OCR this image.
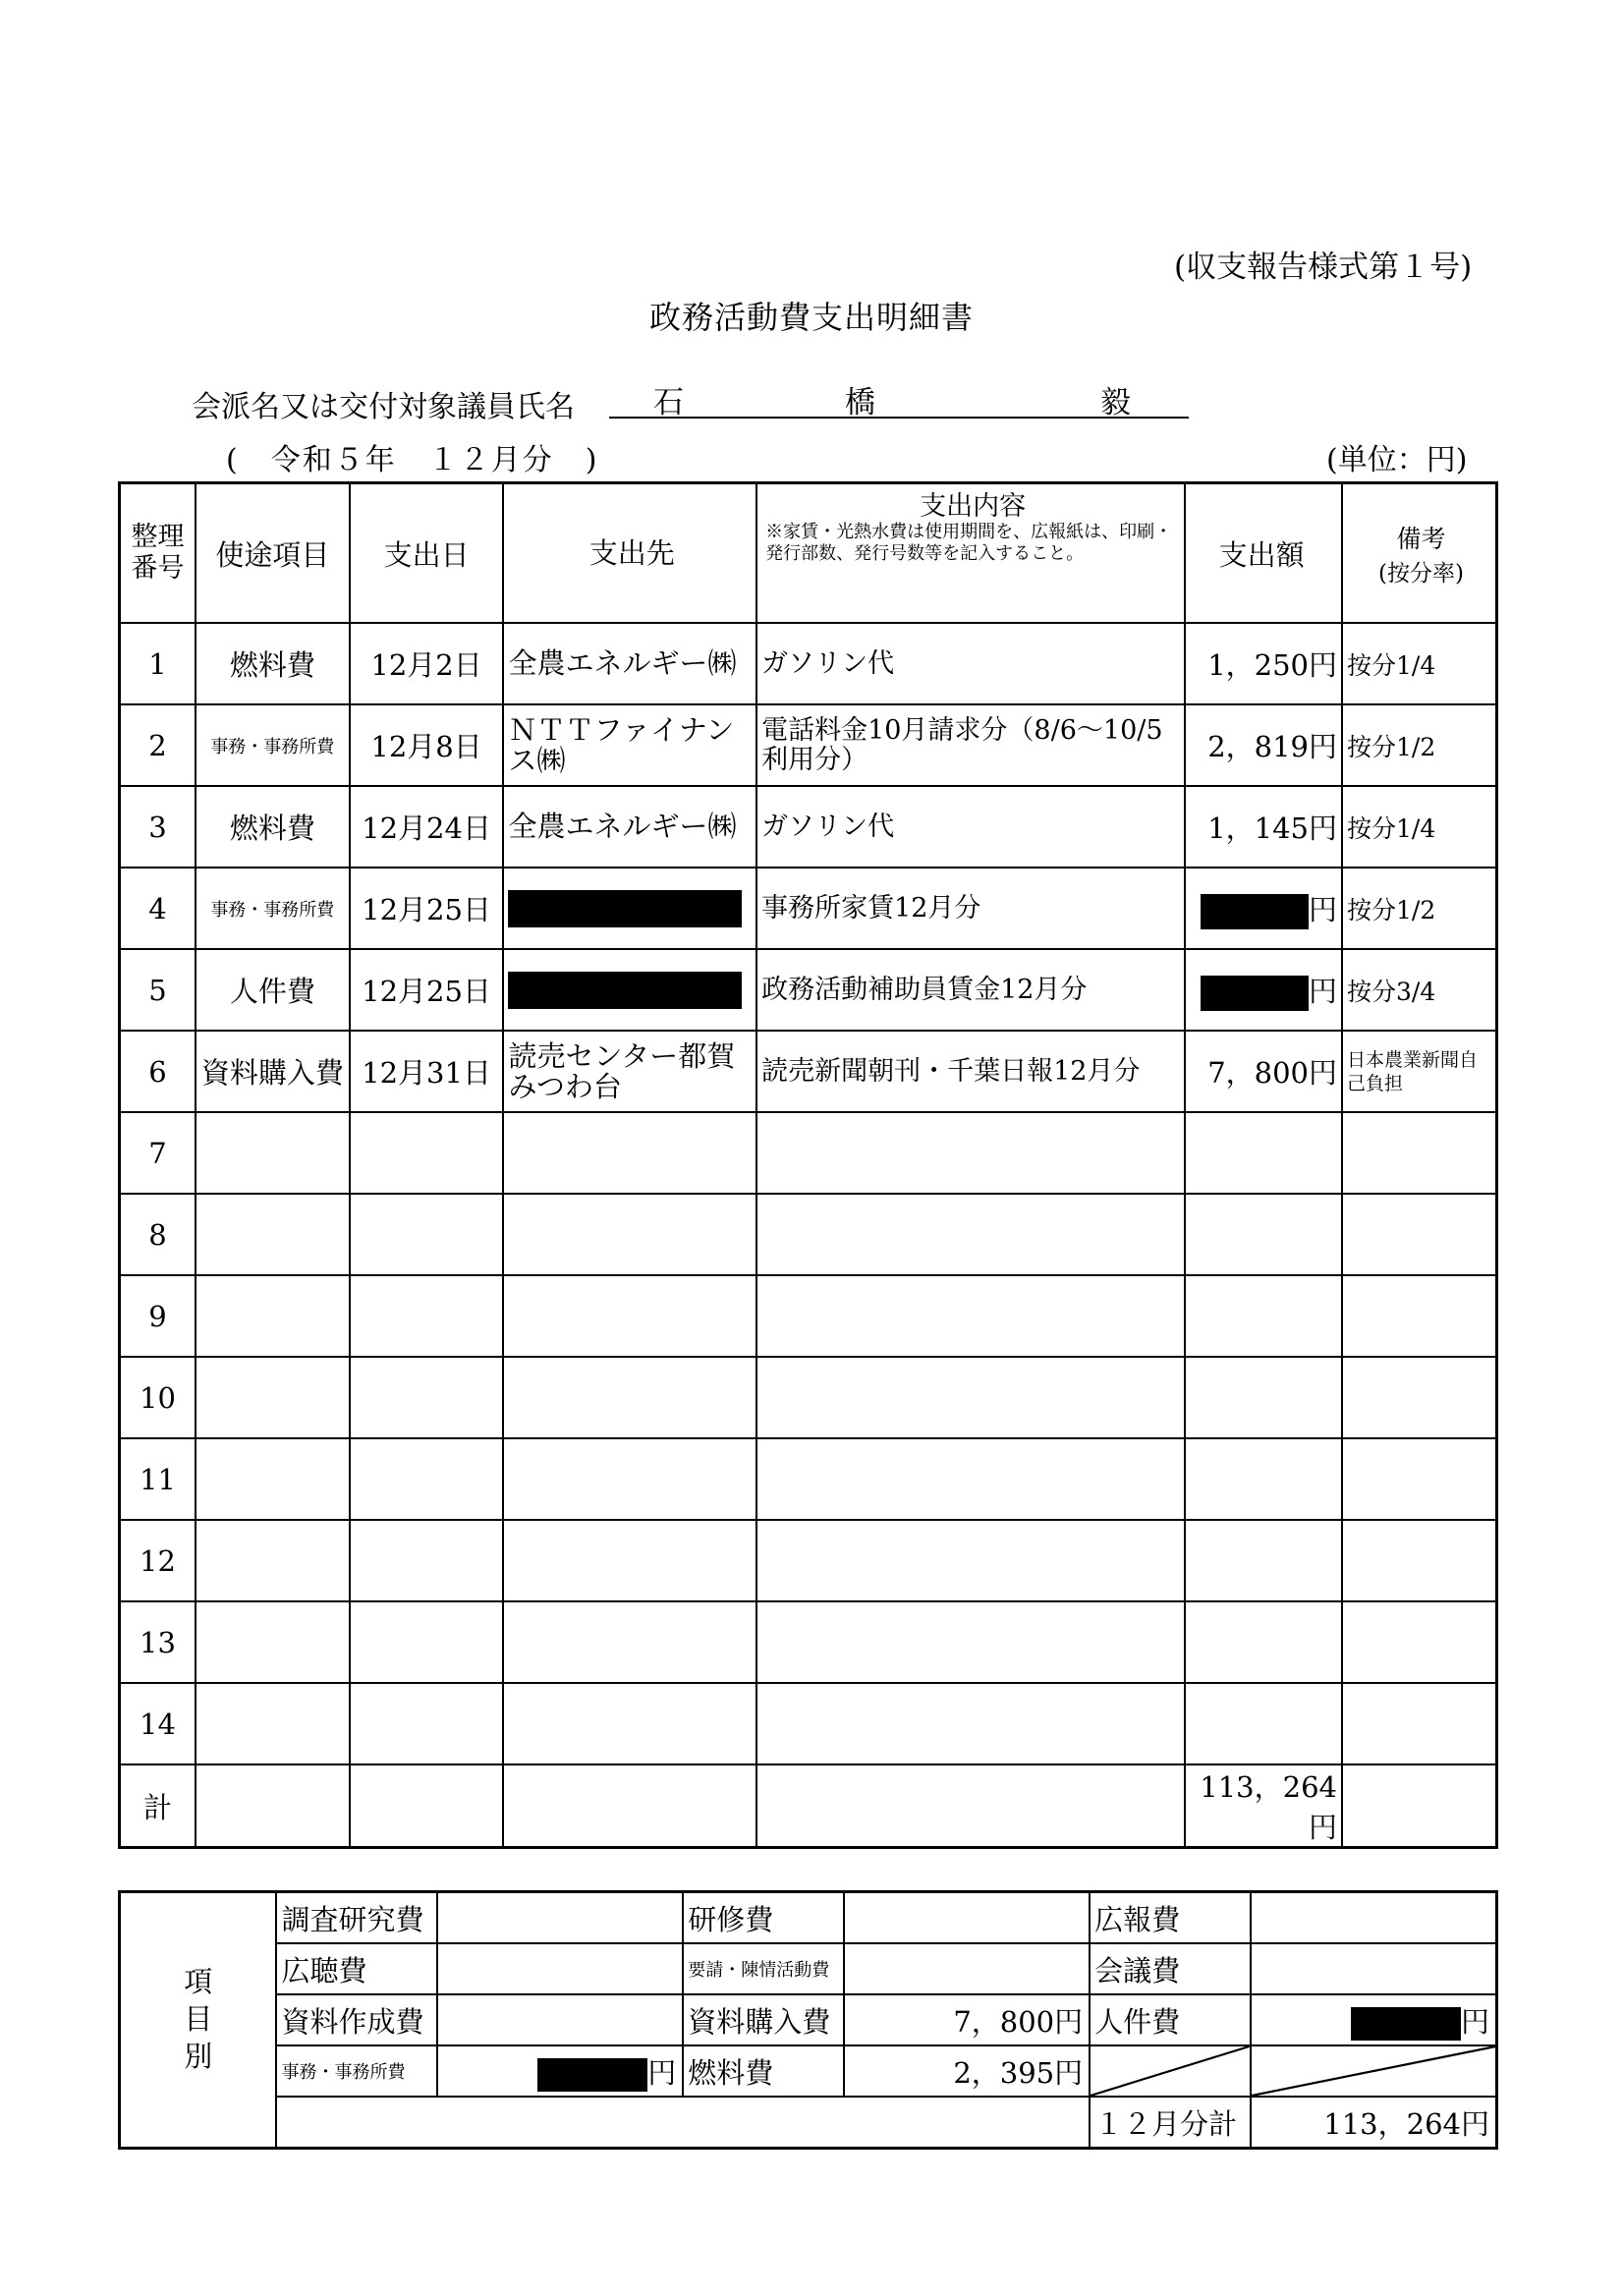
(収支報告様式第１号)
政務活動費支出明細書
会派名又は交付対象議員氏名	石	橋	毅
(　令和５年　１２月分　)	(単位：円)
整理番号	使途項目	支出日	支出先	支出内容
※家賃・光熱水費は使用期間を、広報紙は、印刷・発行部数、発行号数等を記入すること。	支出額	備考
(按分率)
1	燃料費	12月2日	全農エネルギー㈱	ガソリン代	1，250円	按分1/4
2	事務・事務所費	12月8日	ＮＴＴファイナンス㈱	電話料金10月請求分（8/6～10/5利用分）	2，819円	按分1/2
3	燃料費	12月24日	全農エネルギー㈱	ガソリン代	1，145円	按分1/4
4	事務・事務所費	12月25日		事務所家賃12月分	円	按分1/2
5	人件費	12月25日		政務活動補助員賃金12月分	円	按分3/4
6	資料購入費	12月31日	読売センター都賀みつわ台	読売新聞朝刊・千葉日報12月分	7，800円	日本農業新聞自己負担
7						
8						
9						
10						
11						
12						
13						
14						
計					113，264円	
項目別	調査研究費		研修費		広報費	
	広聴費		要請・陳情活動費		会議費	
	資料作成費		資料購入費	7，800円	人件費	円
	事務・事務所費	円	燃料費	2，395円	

					１２月分計	113，264円
